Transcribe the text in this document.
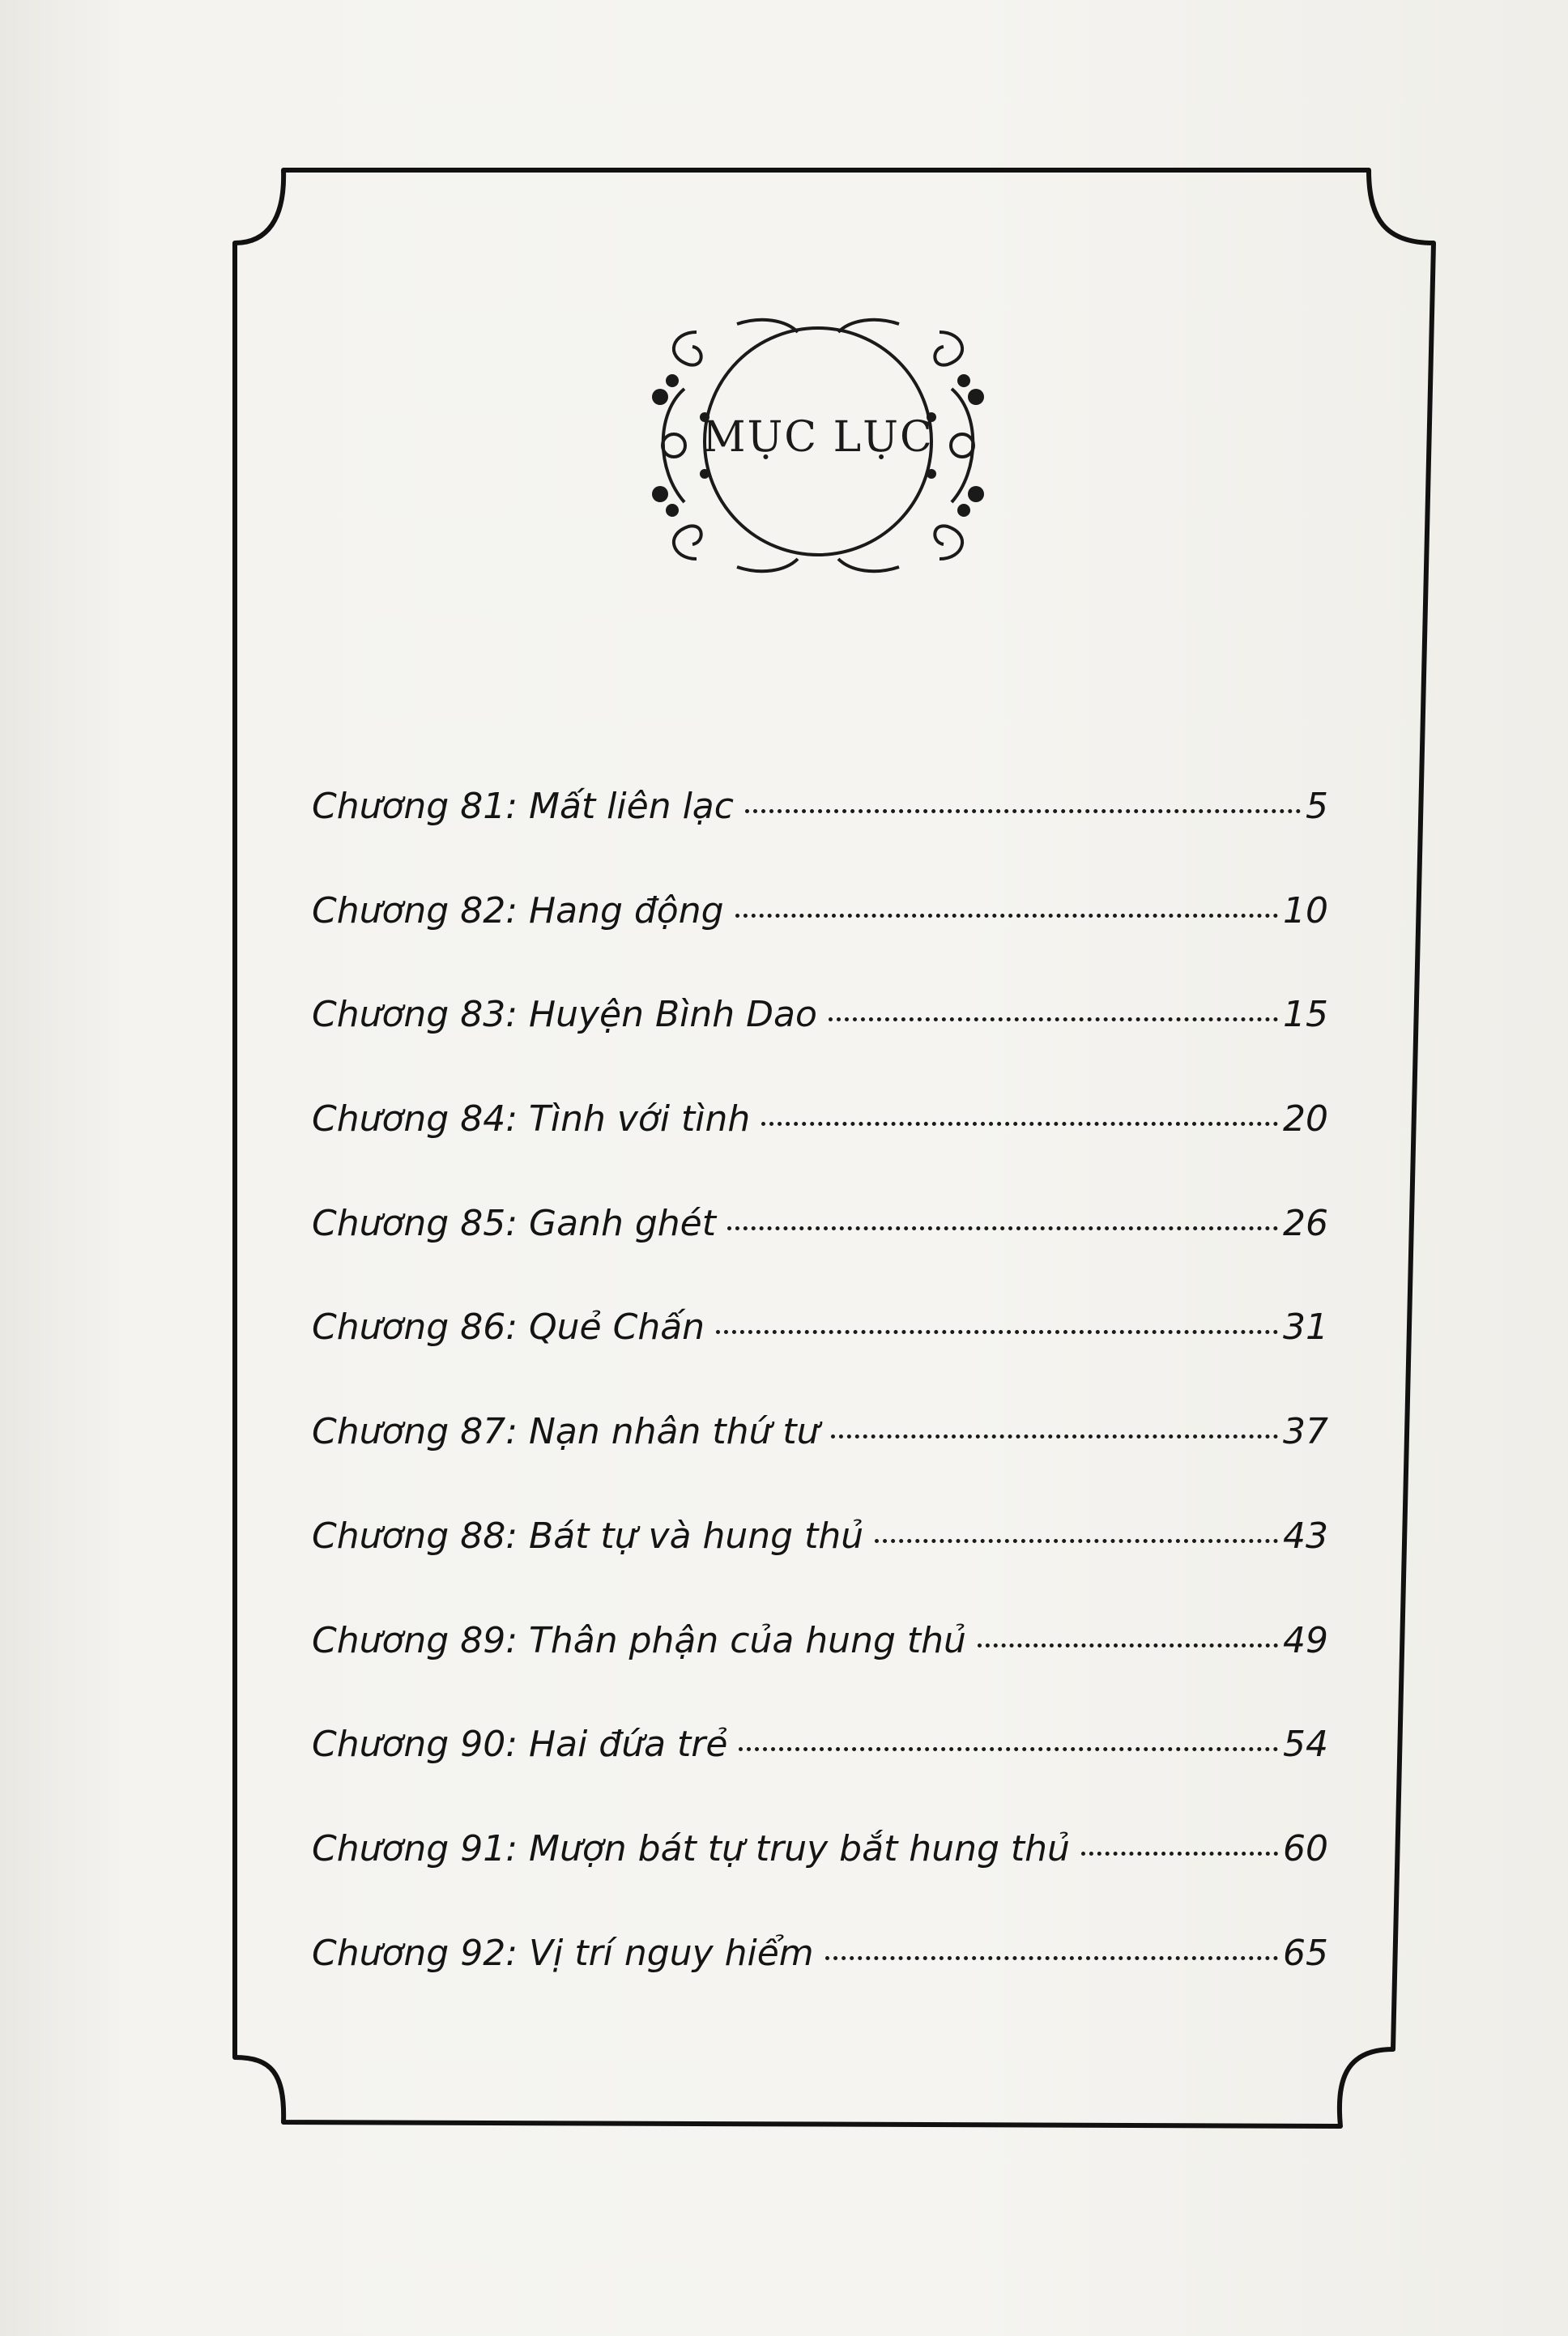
MỤC LỤC
Chương 81: Mất liên lạc	5
Chương 82: Hang động	10
Chương 83: Huyện Bình Dao	15
Chương 84: Tình với tình	20
Chương 85: Ganh ghét	26
Chương 86: Quẻ Chấn	31
Chương 87: Nạn nhân thứ tư	37
Chương 88: Bát tự và hung thủ	43
Chương 89: Thân phận của hung thủ	49
Chương 90: Hai đứa trẻ	54
Chương 91: Mượn bát tự truy bắt hung thủ	60
Chương 92: Vị trí nguy hiểm	65
